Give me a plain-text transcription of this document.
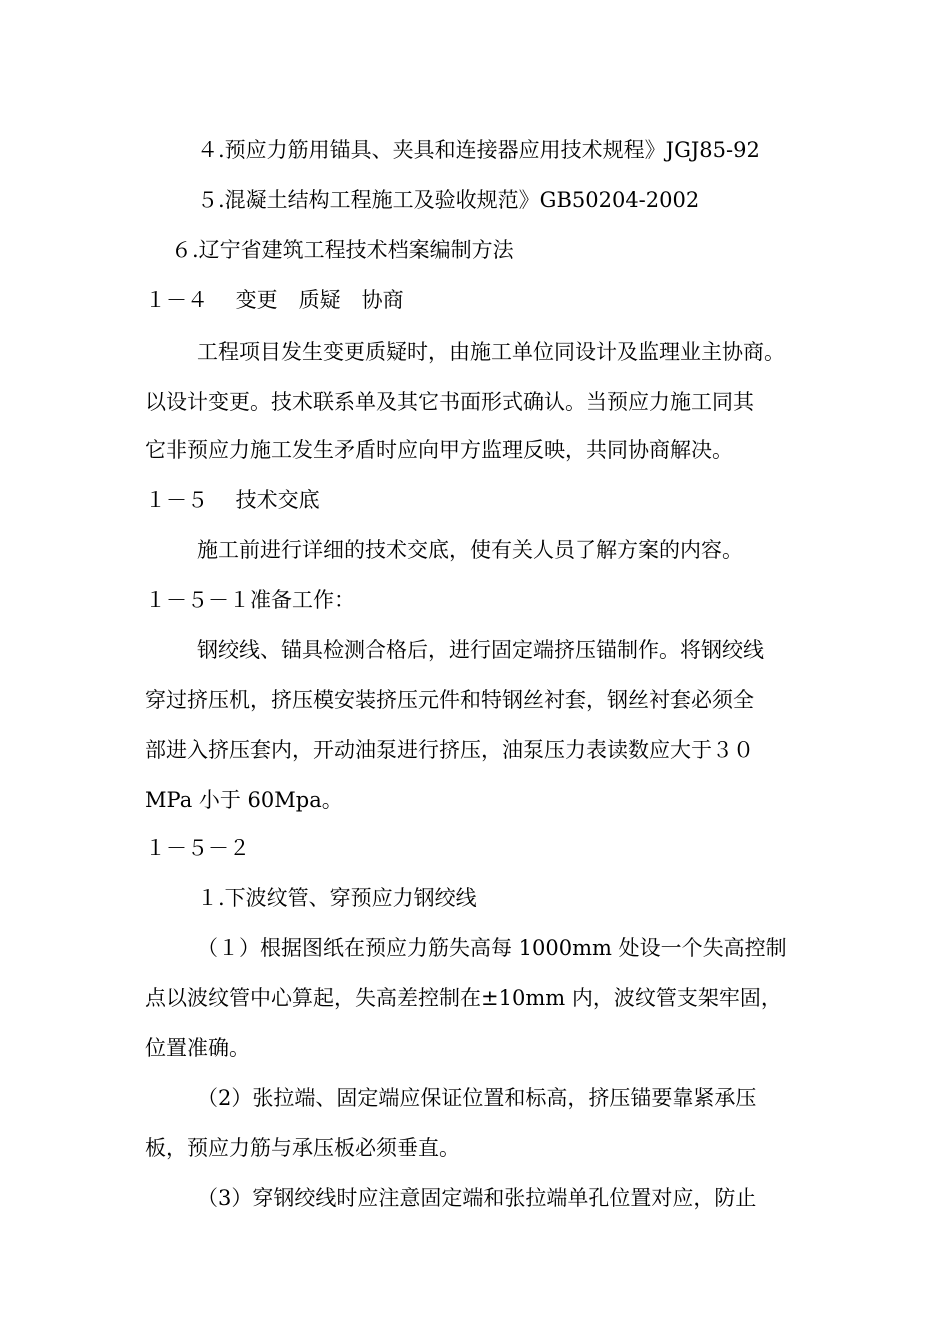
４.预应力筋用锚具、夹具和连接器应用技术规程》JGJ85-92
５.混凝土结构工程施工及验收规范》GB50204-2002
６.辽宁省建筑工程技术档案编制方法
１－４　 变更　质疑　协商
工程项目发生变更质疑时，由施工单位同设计及监理业主协商。
以设计变更。技术联系单及其它书面形式确认。当预应力施工同其
它非预应力施工发生矛盾时应向甲方监理反映，共同协商解决。
１－５　 技术交底
施工前进行详细的技术交底，使有关人员了解方案的内容。
１－５－１准备工作：
钢绞线、锚具检测合格后，进行固定端挤压锚制作。将钢绞线
穿过挤压机，挤压模安装挤压元件和特钢丝衬套，钢丝衬套必须全
部进入挤压套内，开动油泵进行挤压，油泵压力表读数应大于３０
MPa 小于 60Mpa。
１－５－２
１.下波纹管、穿预应力钢绞线
（１）根据图纸在预应力筋失高每 1000mm 处设一个失高控制
点以波纹管中心算起，失高差控制在±10mm 内，波纹管支架牢固，
位置准确。
（2）张拉端、固定端应保证位置和标高，挤压锚要靠紧承压
板，预应力筋与承压板必须垂直。
（3）穿钢绞线时应注意固定端和张拉端单孔位置对应，防止
